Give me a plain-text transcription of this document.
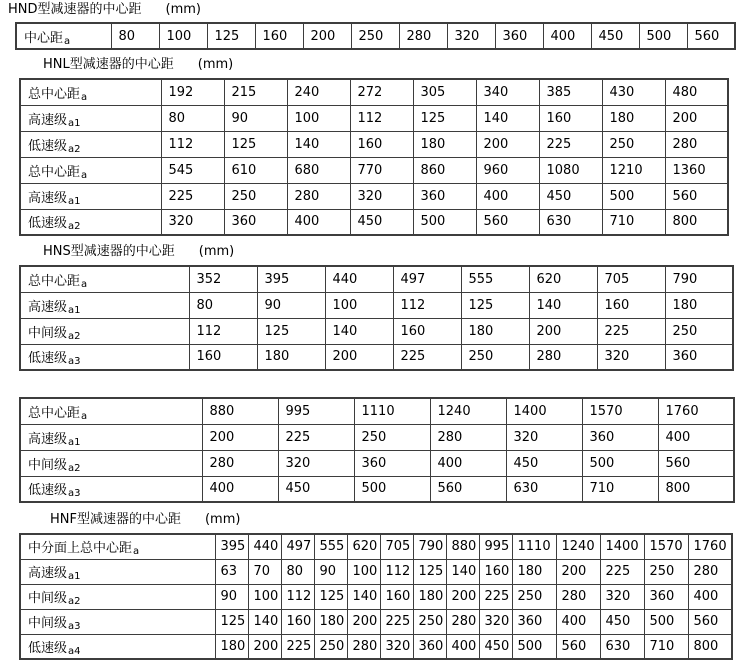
HND型减速器的中心距 (mm)
中心距a	80	100	125	160	200	250	280	320	360	400	450	500	560
HNL型减速器的中心距 (mm)
总中心距a	192	215	240	272	305	340	385	430	480
高速级a1	80	90	100	112	125	140	160	180	200
低速级a2	112	125	140	160	180	200	225	250	280
总中心距a	545	610	680	770	860	960	1080	1210	1360
高速级a1	225	250	280	320	360	400	450	500	560
低速级a2	320	360	400	450	500	560	630	710	800
HNS型减速器的中心距 (mm)
总中心距a	352	395	440	497	555	620	705	790
高速级a1	80	90	100	112	125	140	160	180
中间级a2	112	125	140	160	180	200	225	250
低速级a3	160	180	200	225	250	280	320	360
总中心距a	880	995	1110	1240	1400	1570	1760
高速级a1	200	225	250	280	320	360	400
中间级a2	280	320	360	400	450	500	560
低速级a3	400	450	500	560	630	710	800
HNF型减速器的中心距 (mm)
中分面上总中心距a	395	440	497	555	620	705	790	880	995	1110	1240	1400	1570	1760
高速级a1	63	70	80	90	100	112	125	140	160	180	200	225	250	280
中间级a2	90	100	112	125	140	160	180	200	225	250	280	320	360	400
中间级a3	125	140	160	180	200	225	250	280	320	360	400	450	500	560
低速级a4	180	200	225	250	280	320	360	400	450	500	560	630	710	800
